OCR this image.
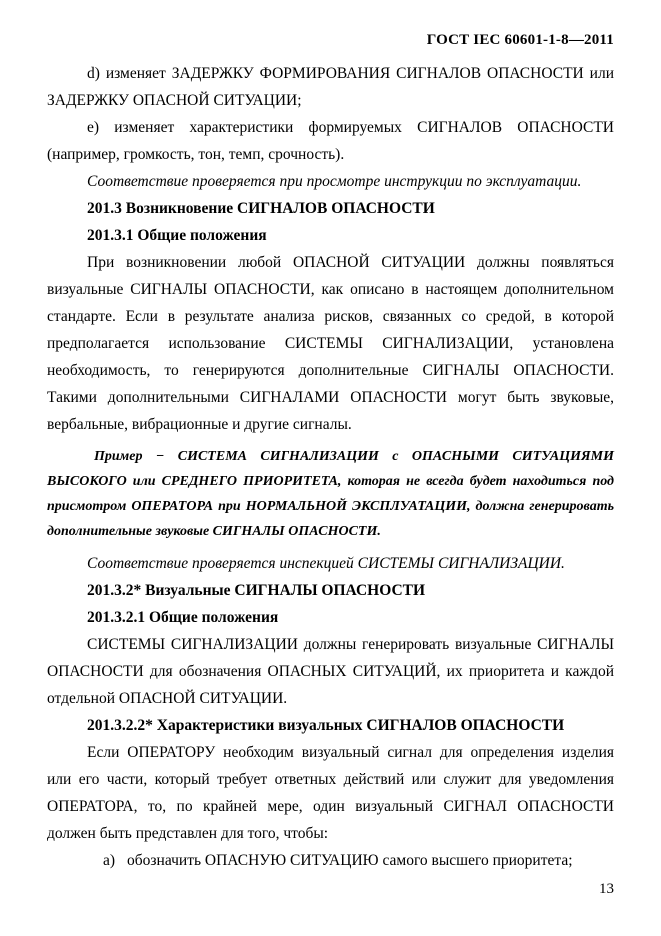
ГОСТ IEC 60601-1-8—2011

d) изменяет ЗАДЕРЖКУ ФОРМИРОВАНИЯ СИГНАЛОВ ОПАСНОСТИ или ЗАДЕРЖКУ ОПАСНОЙ СИТУАЦИИ;

e) изменяет характеристики формируемых СИГНАЛОВ ОПАСНОСТИ (например, громкость, тон, темп, срочность).

Соответствие проверяется при просмотре инструкции по эксплуатации.

201.3 Возникновение СИГНАЛОВ ОПАСНОСТИ

201.3.1 Общие положения

При возникновении любой ОПАСНОЙ СИТУАЦИИ должны появляться визуальные СИГНАЛЫ ОПАСНОСТИ, как описано в настоящем дополнительном стандарте. Если в результате анализа рисков, связанных со средой, в которой предполагается использование СИСТЕМЫ СИГНАЛИЗАЦИИ, установлена необходимость, то генерируются дополнительные СИГНАЛЫ ОПАСНОСТИ. Такими дополнительными СИГНАЛАМИ ОПАСНОСТИ могут быть звуковые, вербальные, вибрационные и другие сигналы.

Пример − СИСТЕМА СИГНАЛИЗАЦИИ с ОПАСНЫМИ СИТУАЦИЯМИ ВЫСОКОГО или СРЕДНЕГО ПРИОРИТЕТА, которая не всегда будет находиться под присмотром ОПЕРАТОРА при НОРМАЛЬНОЙ ЭКСПЛУАТАЦИИ, должна генерировать дополнительные звуковые СИГНАЛЫ ОПАСНОСТИ.

Соответствие проверяется инспекцией СИСТЕМЫ СИГНАЛИЗАЦИИ.

201.3.2* Визуальные СИГНАЛЫ ОПАСНОСТИ

201.3.2.1 Общие положения

СИСТЕМЫ СИГНАЛИЗАЦИИ должны генерировать визуальные СИГНАЛЫ ОПАСНОСТИ для обозначения ОПАСНЫХ СИТУАЦИЙ, их приоритета и каждой отдельной ОПАСНОЙ СИТУАЦИИ.

201.3.2.2* Характеристики визуальных СИГНАЛОВ ОПАСНОСТИ

Если ОПЕРАТОРУ необходим визуальный сигнал для определения изделия или его части, который требует ответных действий или служит для уведомления ОПЕРАТОРА, то, по крайней мере, один визуальный СИГНАЛ ОПАСНОСТИ должен быть представлен для того, чтобы:

a) обозначить ОПАСНУЮ СИТУАЦИЮ самого высшего приоритета;

13
